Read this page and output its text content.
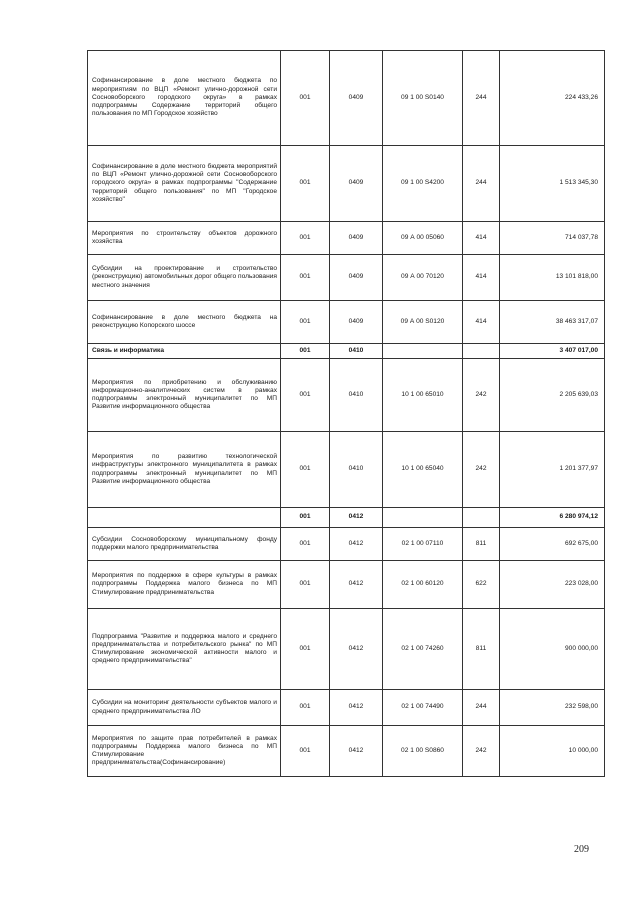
Софинансирование в доле местного бюджета по мероприятиям по ВЦП «Ремонт улично-дорожной сети Сосновоборского городского округа» в рамках подпрограммы Содержание территорий общего пользования по МП Городское хозяйство	001	0409	09 1 00 S0140	244	224 433,26
Софинансирование в доле местного бюджета мероприятий по ВЦП «Ремонт улично-дорожной сети Сосновоборского городского округа» в рамках подпрограммы "Содержание территорий общего пользования" по МП "Городское хозяйство"	001	0409	09 1 00 S4200	244	1 513 345,30
Мероприятия по строительству объектов дорожного хозяйства	001	0409	09 А 00 05060	414	714 037,78
Субсидии на проектирование и строительство (реконструкцию) автомобильных дорог общего пользования местного значения	001	0409	09 А 00 70120	414	13 101 818,00
Софинансирование в доле местного бюджета на реконструкцию Копорского шоссе	001	0409	09 А 00 S0120	414	38 463 317,07
Связь и информатика	001	0410			3 407 017,00
Мероприятия по приобретению и обслуживанию информационно-аналитических систем в рамках подпрограммы электронный муниципалитет по МП Развитие информационного общества	001	0410	10 1 00 65010	242	2 205 639,03
Мероприятия по развитию технологической инфраструктуры электронного муниципалитета в рамках подпрограммы электронный муниципалитет по МП Развитие информационного общества	001	0410	10 1 00 65040	242	1 201 377,97
	001	0412			6 280 974,12
Субсидии Сосновоборскому муниципальному фонду поддержки малого предпринимательства	001	0412	02 1 00 07110	811	692 675,00
Мероприятия по поддержке в сфере культуры в рамках подпрограммы Поддержка малого бизнеса по МП Стимулирование предпринимательства	001	0412	02 1 00 60120	622	223 028,00
Подпрограмма "Развитие и поддержка малого и среднего предпринимательства и потребительского рынка" по МП Стимулирование экономической активности малого и среднего предпринимательства"	001	0412	02 1 00 74260	811	900 000,00
Субсидии на мониторинг деятельности субъектов малого и среднего предпринимательства ЛО	001	0412	02 1 00 74490	244	232 598,00
Мероприятия по защите прав потребителей в рамках подпрограммы Поддержка малого бизнеса по МП Стимулирование предпринимательства(Софинансирование)	001	0412	02 1 00 S0860	242	10 000,00
209
